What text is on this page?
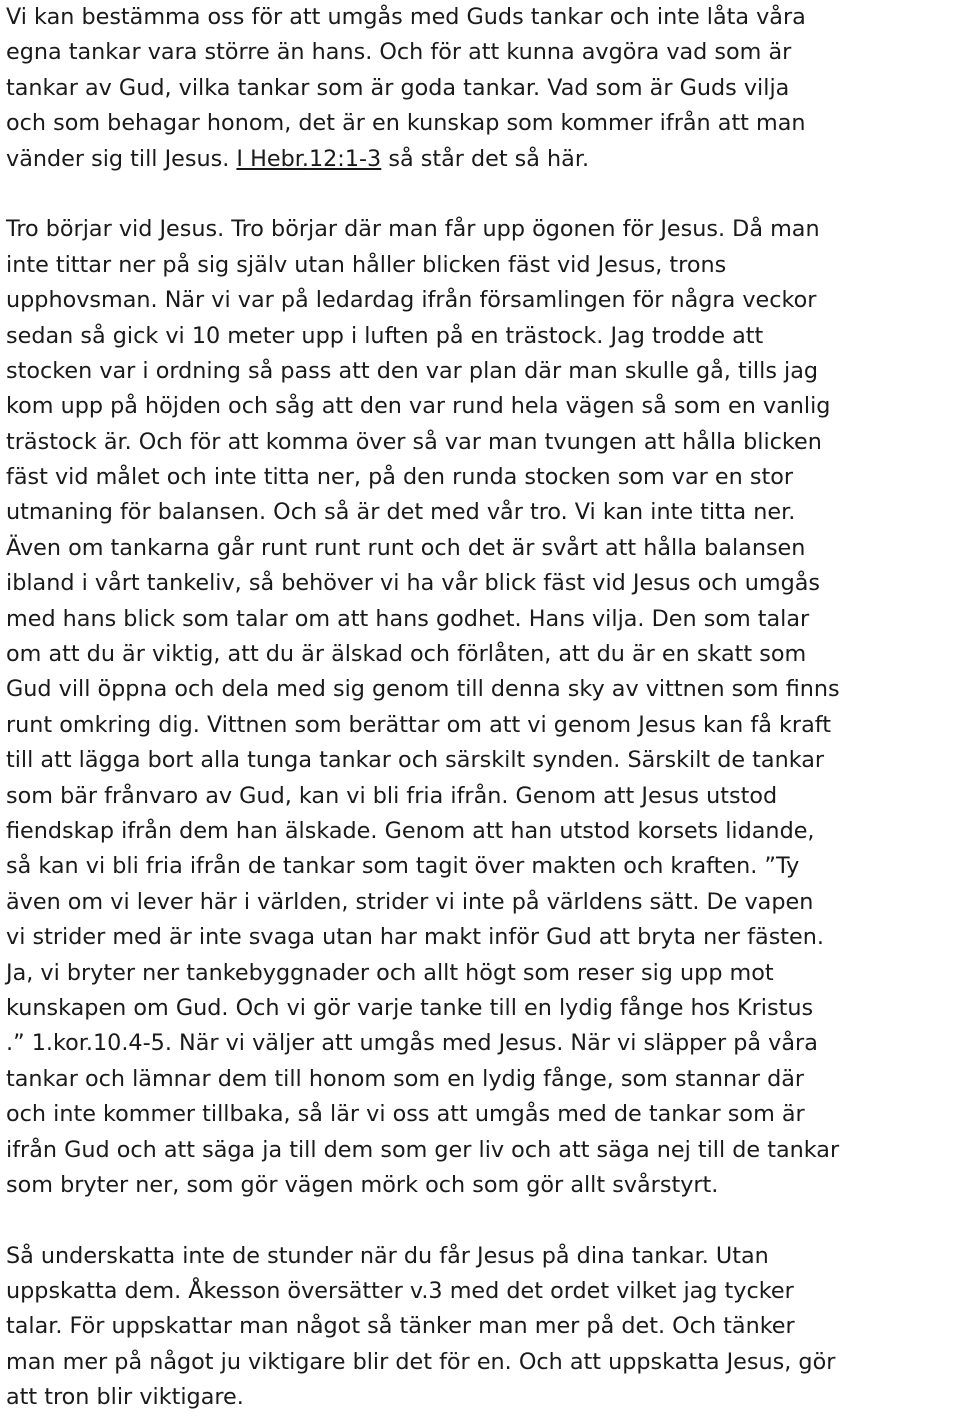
Vi kan bestämma oss för att umgås med Guds tankar och inte låta våra
egna tankar vara större än hans. Och för att kunna avgöra vad som är
tankar av Gud, vilka tankar som är goda tankar. Vad som är Guds vilja
och som behagar honom, det är en kunskap som kommer ifrån att man
vänder sig till Jesus. I Hebr.12:1-3 så står det så här.
Tro börjar vid Jesus. Tro börjar där man får upp ögonen för Jesus. Då man
inte tittar ner på sig själv utan håller blicken fäst vid Jesus, trons
upphovsman. När vi var på ledardag ifrån församlingen för några veckor
sedan så gick vi 10 meter upp i luften på en trästock. Jag trodde att
stocken var i ordning så pass att den var plan där man skulle gå, tills jag
kom upp på höjden och såg att den var rund hela vägen så som en vanlig
trästock är. Och för att komma över så var man tvungen att hålla blicken
fäst vid målet och inte titta ner, på den runda stocken som var en stor
utmaning för balansen. Och så är det med vår tro. Vi kan inte titta ner.
Även om tankarna går runt runt runt och det är svårt att hålla balansen
ibland i vårt tankeliv, så behöver vi ha vår blick fäst vid Jesus och umgås
med hans blick som talar om att hans godhet. Hans vilja. Den som talar
om att du är viktig, att du är älskad och förlåten, att du är en skatt som
Gud vill öppna och dela med sig genom till denna sky av vittnen som finns
runt omkring dig. Vittnen som berättar om att vi genom Jesus kan få kraft
till att lägga bort alla tunga tankar och särskilt synden. Särskilt de tankar
som bär frånvaro av Gud, kan vi bli fria ifrån. Genom att Jesus utstod
fiendskap ifrån dem han älskade. Genom att han utstod korsets lidande,
så kan vi bli fria ifrån de tankar som tagit över makten och kraften. ”Ty
även om vi lever här i världen, strider vi inte på världens sätt. De vapen
vi strider med är inte svaga utan har makt inför Gud att bryta ner fästen.
Ja, vi bryter ner tankebyggnader och allt högt som reser sig upp mot
kunskapen om Gud. Och vi gör varje tanke till en lydig fånge hos Kristus
.” 1.kor.10.4-5. När vi väljer att umgås med Jesus. När vi släpper på våra
tankar och lämnar dem till honom som en lydig fånge, som stannar där
och inte kommer tillbaka, så lär vi oss att umgås med de tankar som är
ifrån Gud och att säga ja till dem som ger liv och att säga nej till de tankar
som bryter ner, som gör vägen mörk och som gör allt svårstyrt.
Så underskatta inte de stunder när du får Jesus på dina tankar. Utan
uppskatta dem. Åkesson översätter v.3 med det ordet vilket jag tycker
talar. För uppskattar man något så tänker man mer på det. Och tänker
man mer på något ju viktigare blir det för en. Och att uppskatta Jesus, gör
att tron blir viktigare.
